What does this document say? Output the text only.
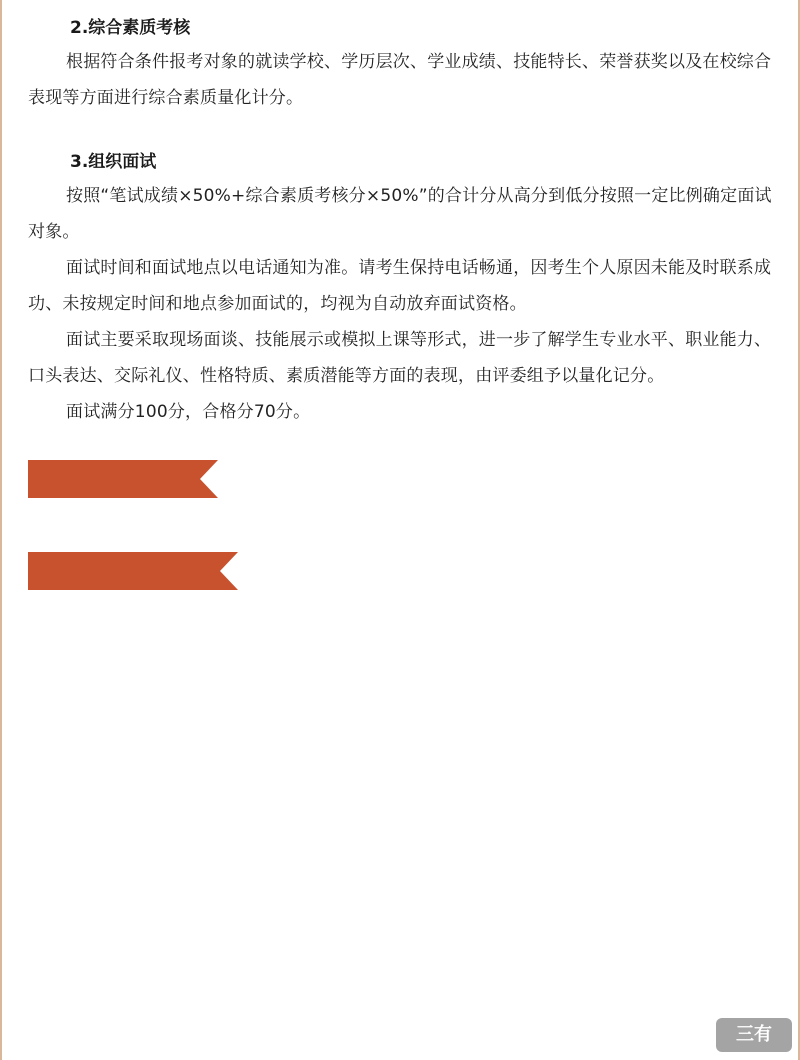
2.综合素质考核

根据符合条件报考对象的就读学校、学历层次、学业成绩、技能特长、荣誉获奖以及在校综合表现等方面进行综合素质量化计分。

3.组织面试

按照“笔试成绩×50%+综合素质考核分×50%”的合计分从高分到低分按照一定比例确定面试对象。

面试时间和面试地点以电话通知为准。请考生保持电话畅通，因考生个人原因未能及时联系成功、未按规定时间和地点参加面试的，均视为自动放弃面试资格。

面试主要采取现场面谈、技能展示或模拟上课等形式，进一步了解学生专业水平、职业能力、口头表达、交际礼仪、性格特质、素质潜能等方面的表现，由评委组予以量化记分。

面试满分100分，合格分70分。

三有
